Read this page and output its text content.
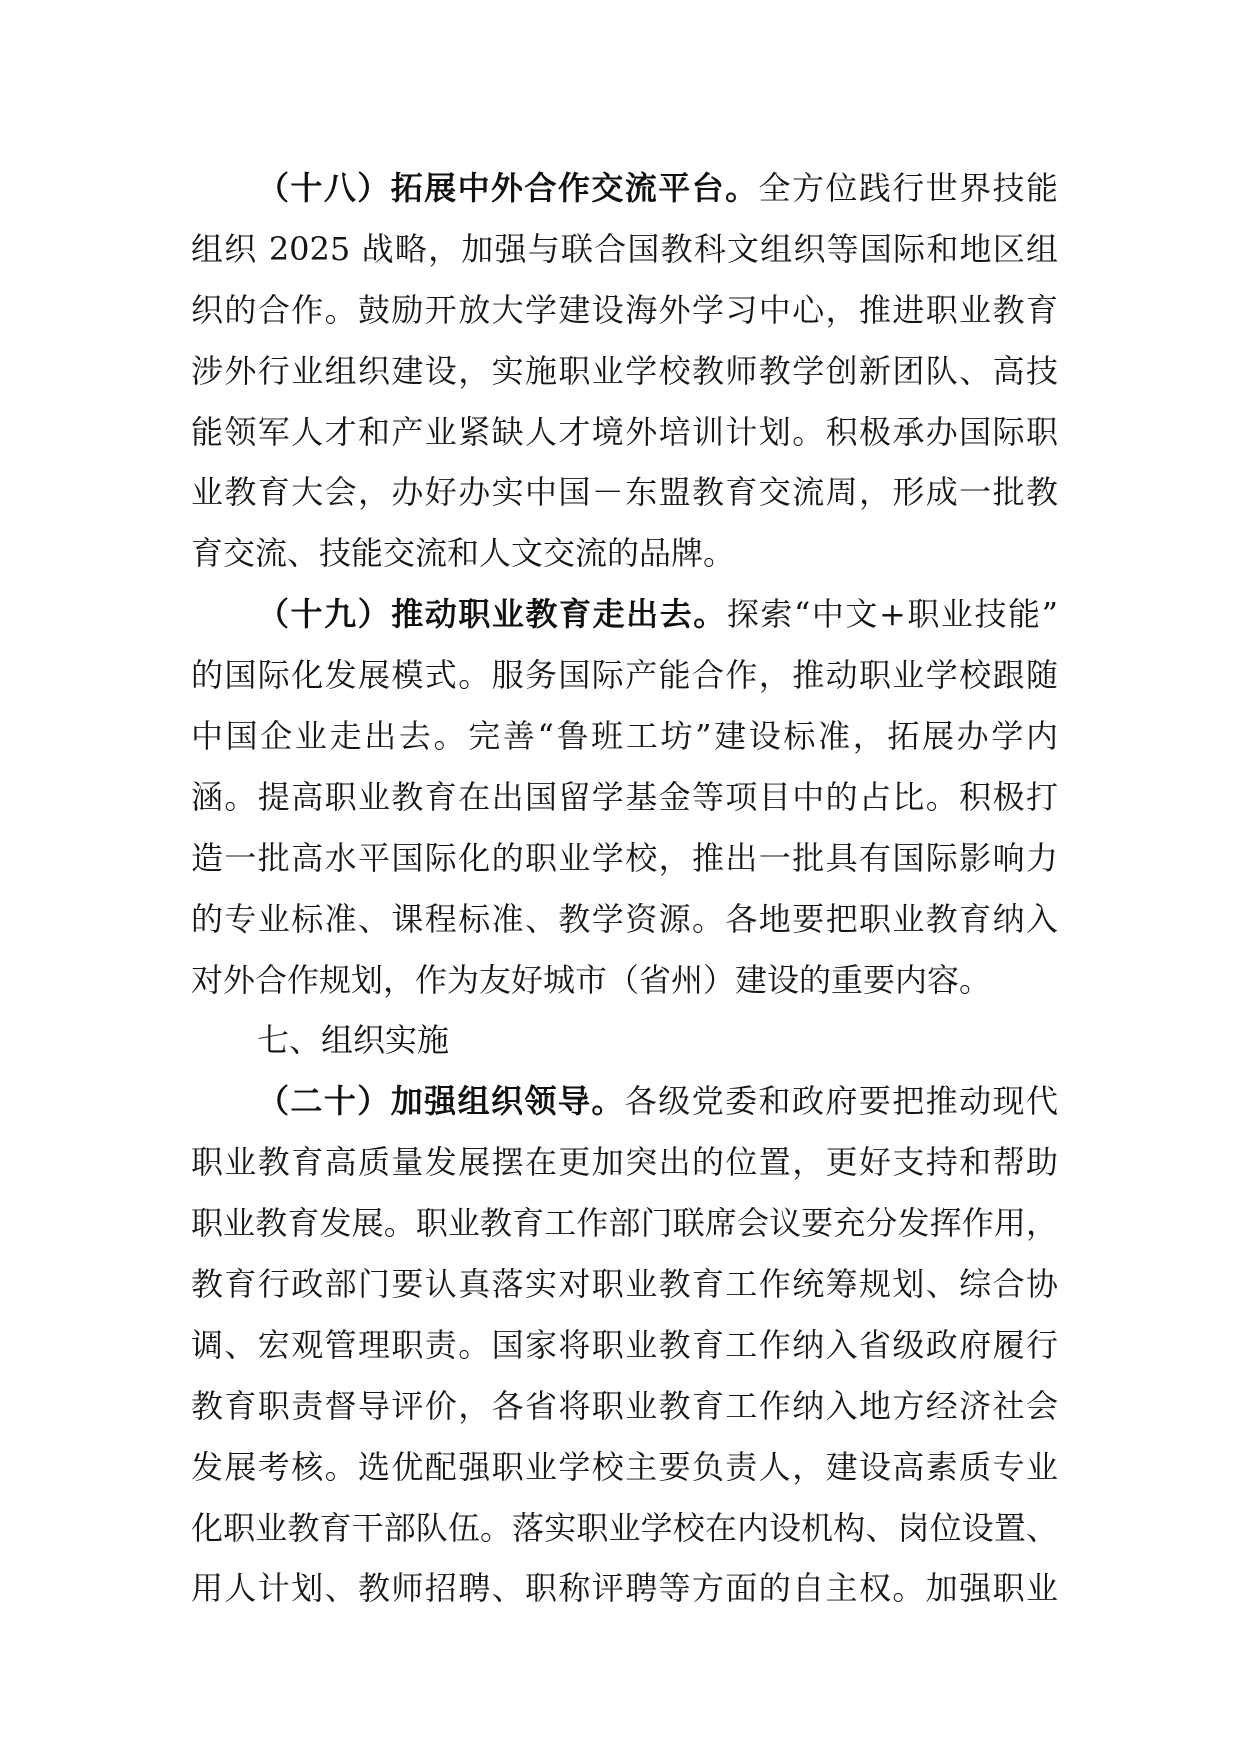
（十八）拓展中外合作交流平台。全方位践行世界技能
组织 2025 战略，加强与联合国教科文组织等国际和地区组
织的合作。鼓励开放大学建设海外学习中心，推进职业教育
涉外行业组织建设，实施职业学校教师教学创新团队、高技
能领军人才和产业紧缺人才境外培训计划。积极承办国际职
业教育大会，办好办实中国－东盟教育交流周，形成一批教
育交流、技能交流和人文交流的品牌。
（十九）推动职业教育走出去。探索“中文+职业技能”
的国际化发展模式。服务国际产能合作，推动职业学校跟随
中国企业走出去。完善“鲁班工坊”建设标准，拓展办学内
涵。提高职业教育在出国留学基金等项目中的占比。积极打
造一批高水平国际化的职业学校，推出一批具有国际影响力
的专业标准、课程标准、教学资源。各地要把职业教育纳入
对外合作规划，作为友好城市（省州）建设的重要内容。
七、组织实施
（二十）加强组织领导。各级党委和政府要把推动现代
职业教育高质量发展摆在更加突出的位置，更好支持和帮助
职业教育发展。职业教育工作部门联席会议要充分发挥作用，
教育行政部门要认真落实对职业教育工作统筹规划、综合协
调、宏观管理职责。国家将职业教育工作纳入省级政府履行
教育职责督导评价，各省将职业教育工作纳入地方经济社会
发展考核。选优配强职业学校主要负责人，建设高素质专业
化职业教育干部队伍。落实职业学校在内设机构、岗位设置、
用人计划、教师招聘、职称评聘等方面的自主权。加强职业
